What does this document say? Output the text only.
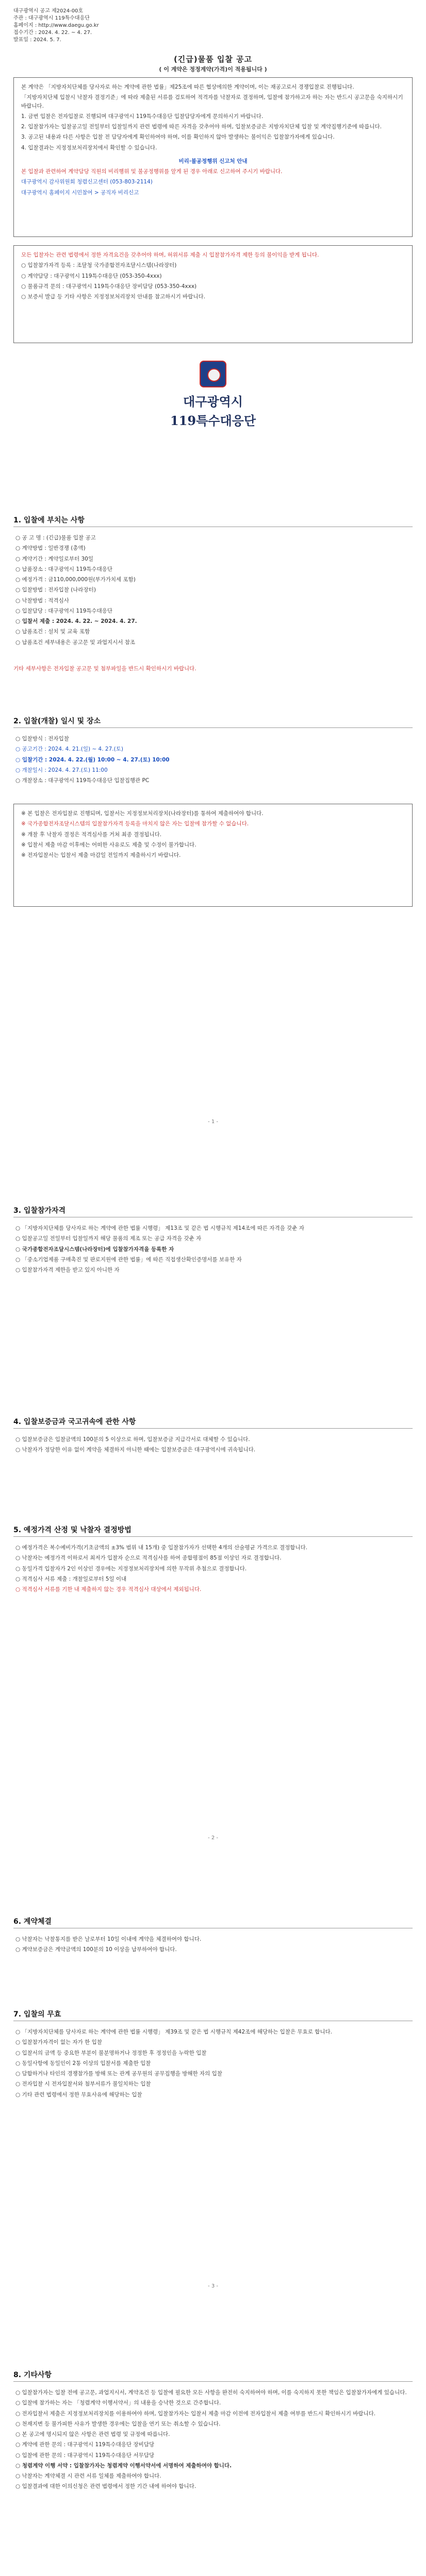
대구광역시 공고 제2024-00호
주관 : 대구광역시 119특수대응단
홈페이지 : http://www.daegu.go.kr
접수기간 : 2024. 4. 22. ~ 4. 27.
발표일 : 2024. 5. 7.
(긴급)물품 입찰 공고
( 이 계약은 정정계약(가격)이 적용됩니다 )

본 계약은 「지방자치단체를 당사자로 하는 계약에 관한 법률」제25조에 따른 협상에의한 계약이며, 이는 재공고로서 경쟁입찰로 진행됩니다.

「지방자치단체 입찰시 낙찰자 결정기준」에 따라 제출된 서류를 검토하여 적격자를 낙찰자로 결정하며, 입찰에 참가하고자 하는 자는 반드시 공고문을 숙지하시기 바랍니다.

1. 금번 입찰은 전자입찰로 진행되며 대구광역시 119특수대응단 입찰담당자에게 문의하시기 바랍니다.

2. 입찰참가자는 입찰공고일 전일부터 입찰일까지 관련 법령에 따른 자격을 갖추어야 하며, 입찰보증금은 지방자치단체 입찰 및 계약집행기준에 따릅니다.

3. 공고된 내용과 다른 사항은 입찰 전 담당자에게 확인하여야 하며, 이를 확인하지 않아 발생하는 불이익은 입찰참가자에게 있습니다.

4. 입찰결과는 지정정보처리장치에서 확인할 수 있습니다.

비리·불공정행위 신고처 안내

본 입찰과 관련하여 계약담당 직원의 비리행위 및 불공정행위를 알게 된 경우 아래로 신고하여 주시기 바랍니다.

대구광역시 감사위원회 청렴신고센터 (053-803-2114)

대구광역시 홈페이지 시민참여 > 공직자 비리신고

모든 입찰자는 관련 법령에서 정한 자격요건을 갖추어야 하며, 허위서류 제출 시 입찰참가자격 제한 등의 불이익을 받게 됩니다.

○ 입찰참가자격 등록 : 조달청 국가종합전자조달시스템(나라장터)

○ 계약담당 : 대구광역시 119특수대응단 (053-350-4xxx)

○ 물품규격 문의 : 대구광역시 119특수대응단 장비담당 (053-350-4xxx)

○ 보증서 발급 등 기타 사항은 지정정보처리장치 안내를 참고하시기 바랍니다.

대구광역시
119특수대응단
1. 입찰에 부치는 사항
○ 공 고 명 : (긴급)물품 입찰 공고
○ 계약방법 : 일반경쟁 (총액)
○ 계약기간 : 계약일로부터 30일
○ 납품장소 : 대구광역시 119특수대응단
○ 예정가격 : 금110,000,000원(부가가치세 포함)
○ 입찰방법 : 전자입찰 (나라장터)
○ 낙찰방법 : 적격심사
○ 입찰담당 : 대구광역시 119특수대응단
○ 입찰서 제출 : 2024. 4. 22. ~ 2024. 4. 27.
○ 납품조건 : 설치 및 교육 포함
○ 납품조건 세부내용은 공고문 및 과업지시서 참조
기타 세부사항은 전자입찰 공고문 및 첨부파일을 반드시 확인하시기 바랍니다.
2. 입찰(개찰) 일시 및 장소
○ 입찰방식 : 전자입찰
○ 공고기간 : 2024. 4. 21.(일) ~ 4. 27.(토)
○ 입찰기간 : 2024. 4. 22.(월) 10:00 ~ 4. 27.(토) 10:00
○ 개찰일시 : 2024. 4. 27.(토) 11:00
○ 개찰장소 : 대구광역시 119특수대응단 입찰집행관 PC

※ 본 입찰은 전자입찰로 진행되며, 입찰서는 지정정보처리장치(나라장터)를 통하여 제출하여야 합니다.

※ 국가종합전자조달시스템의 입찰참가자격 등록을 마치지 않은 자는 입찰에 참가할 수 없습니다.

※ 개찰 후 낙찰자 결정은 적격심사를 거쳐 최종 결정됩니다.

※ 입찰서 제출 마감 이후에는 어떠한 사유로도 제출 및 수정이 불가합니다.

※ 전자입찰서는 입찰서 제출 마감일 전일까지 제출하시기 바랍니다.

- 1 -
3. 입찰참가자격
○ 「지방자치단체를 당사자로 하는 계약에 관한 법률 시행령」 제13조 및 같은 법 시행규칙 제14조에 따른 자격을 갖춘 자
○ 입찰공고일 전일부터 입찰일까지 해당 물품의 제조 또는 공급 자격을 갖춘 자
○ 국가종합전자조달시스템(나라장터)에 입찰참가자격을 등록한 자
○ 「중소기업제품 구매촉진 및 판로지원에 관한 법률」에 따른 직접생산확인증명서를 보유한 자
○ 입찰참가자격 제한을 받고 있지 아니한 자
4. 입찰보증금과 국고귀속에 관한 사항
○ 입찰보증금은 입찰금액의 100분의 5 이상으로 하며, 입찰보증금 지급각서로 대체할 수 있습니다.
○ 낙찰자가 정당한 이유 없이 계약을 체결하지 아니한 때에는 입찰보증금은 대구광역시에 귀속됩니다.
5. 예정가격 산정 및 낙찰자 결정방법
○ 예정가격은 복수예비가격(기초금액의 ±3% 범위 내 15개) 중 입찰참가자가 선택한 4개의 산술평균 가격으로 결정합니다.
○ 낙찰자는 예정가격 이하로서 최저가 입찰자 순으로 적격심사를 하여 종합평점이 85점 이상인 자로 결정합니다.
○ 동일가격 입찰자가 2인 이상인 경우에는 지정정보처리장치에 의한 무작위 추첨으로 결정합니다.
○ 적격심사 서류 제출 : 개찰일로부터 5일 이내
○ 적격심사 서류를 기한 내 제출하지 않는 경우 적격심사 대상에서 제외됩니다.
- 2 -
6. 계약체결
○ 낙찰자는 낙찰통지를 받은 날로부터 10일 이내에 계약을 체결하여야 합니다.
○ 계약보증금은 계약금액의 100분의 10 이상을 납부하여야 합니다.
7. 입찰의 무효
○ 「지방자치단체를 당사자로 하는 계약에 관한 법률 시행령」 제39조 및 같은 법 시행규칙 제42조에 해당하는 입찰은 무효로 합니다.
○ 입찰참가자격이 없는 자가 한 입찰
○ 입찰서의 금액 등 중요한 부분이 불분명하거나 정정한 후 정정인을 누락한 입찰
○ 동일사항에 동일인이 2통 이상의 입찰서를 제출한 입찰
○ 담합하거나 타인의 경쟁참가를 방해 또는 관계 공무원의 공무집행을 방해한 자의 입찰
○ 전자입찰 시 전자입찰서와 첨부서류가 불일치하는 입찰
○ 기타 관련 법령에서 정한 무효사유에 해당하는 입찰
- 3 -
8. 기타사항
○ 입찰참가자는 입찰 전에 공고문, 과업지시서, 계약조건 등 입찰에 필요한 모든 사항을 완전히 숙지하여야 하며, 이를 숙지하지 못한 책임은 입찰참가자에게 있습니다.
○ 입찰에 참가하는 자는 「청렴계약 이행서약서」의 내용을 승낙한 것으로 간주합니다.
○ 전자입찰서 제출은 지정정보처리장치를 이용하여야 하며, 입찰참가자는 입찰서 제출 마감 이전에 전자입찰서 제출 여부를 반드시 확인하시기 바랍니다.
○ 천재지변 등 불가피한 사유가 발생한 경우에는 입찰을 연기 또는 취소할 수 있습니다.
○ 본 공고에 명시되지 않은 사항은 관련 법령 및 규정에 따릅니다.
○ 계약에 관한 문의 : 대구광역시 119특수대응단 장비담당
○ 입찰에 관한 문의 : 대구광역시 119특수대응단 서무담당
○ 청렴계약 이행 서약 : 입찰참가자는 청렴계약 이행서약서에 서명하여 제출하여야 합니다.
○ 낙찰자는 계약체결 시 관련 서류 일체를 제출하여야 합니다.
○ 입찰결과에 대한 이의신청은 관련 법령에서 정한 기간 내에 하여야 합니다.
